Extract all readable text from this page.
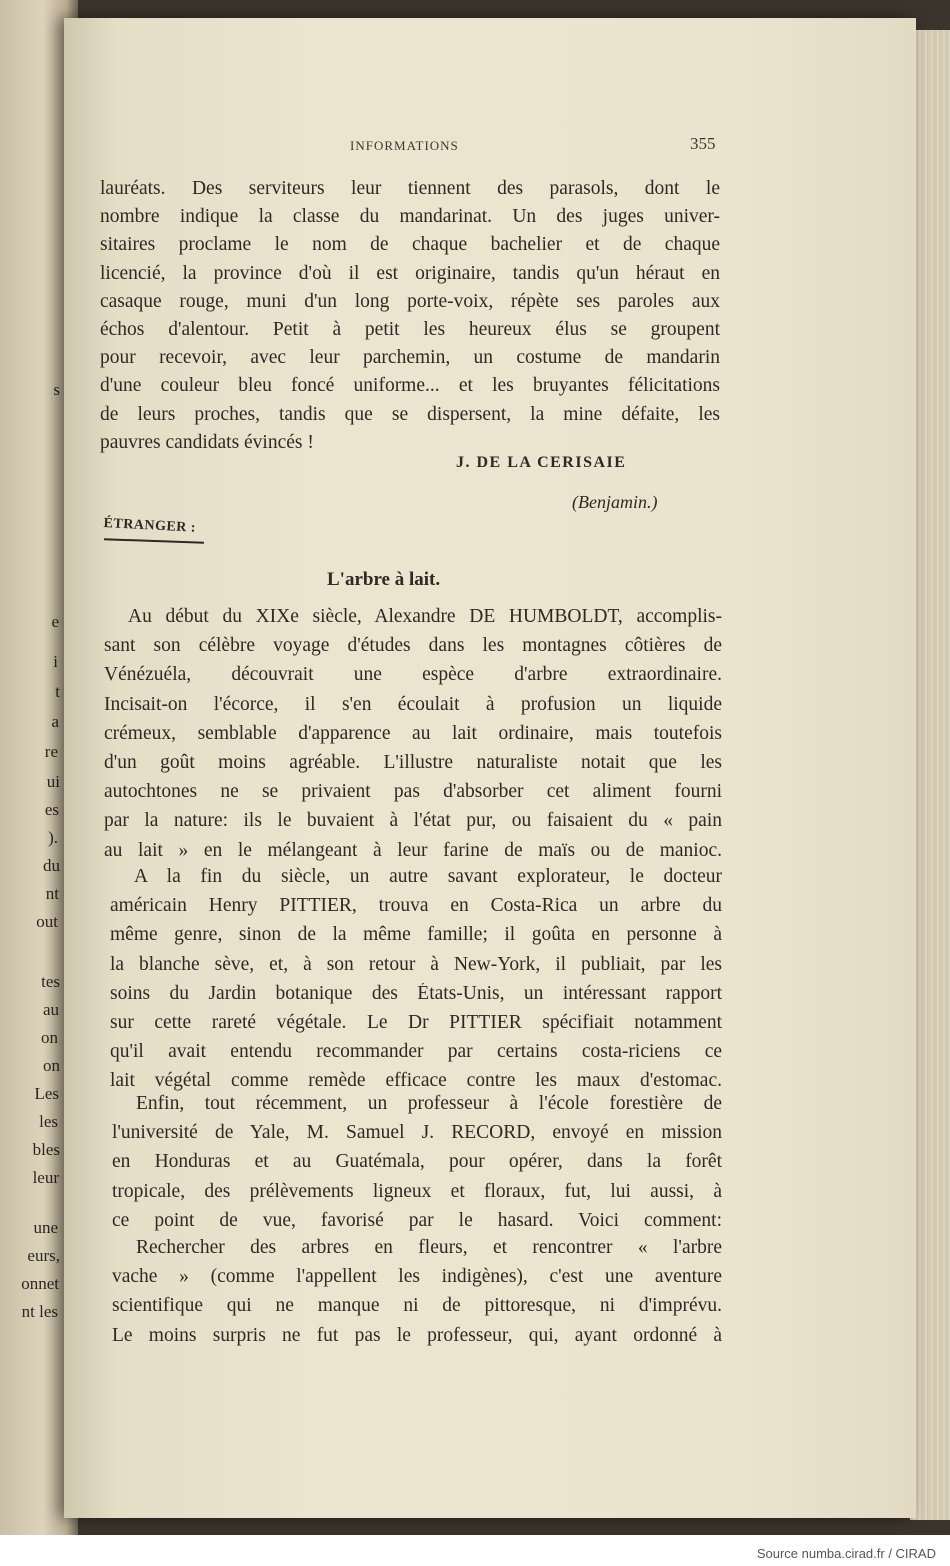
s
e
i
t
a
re
ui
es
).
du
nt
out
tes
au
on
on
Les
les
bles
leur
une
eurs,
onnet
nt les
INFORMATIONS	355
lauréats. Des serviteurs leur tiennent des parasols, dont le
nombre indique la classe du mandarinat. Un des juges univer-
sitaires proclame le nom de chaque bachelier et de chaque
licencié, la province d'où il est originaire, tandis qu'un héraut en
casaque rouge, muni d'un long porte-voix, répète ses paroles aux
échos d'alentour. Petit à petit les heureux élus se groupent
pour recevoir, avec leur parchemin, un costume de mandarin
d'une couleur bleu foncé uniforme... et les bruyantes félicitations
de leurs proches, tandis que se dispersent, la mine défaite, les
pauvres candidats évincés !
Au début du XIXe siècle, Alexandre DE HUMBOLDT, accomplis-
sant son célèbre voyage d'études dans les montagnes côtières de
Vénézuéla, découvrait une espèce d'arbre extraordinaire.
Incisait-on l'écorce, il s'en écoulait à profusion un liquide
crémeux, semblable d'apparence au lait ordinaire, mais toutefois
d'un goût moins agréable. L'illustre naturaliste notait que les
autochtones ne se privaient pas d'absorber cet aliment fourni
par la nature: ils le buvaient à l'état pur, ou faisaient du « pain
au lait » en le mélangeant à leur farine de maïs ou de manioc.
A la fin du siècle, un autre savant explorateur, le docteur
américain Henry PITTIER, trouva en Costa-Rica un arbre du
même genre, sinon de la même famille; il goûta en personne à
la blanche sève, et, à son retour à New-York, il publiait, par les
soins du Jardin botanique des États-Unis, un intéressant rapport
sur cette rareté végétale. Le Dr PITTIER spécifiait notamment
qu'il avait entendu recommander par certains costa-riciens ce
lait végétal comme remède efficace contre les maux d'estomac.
Enfin, tout récemment, un professeur à l'école forestière de
l'université de Yale, M. Samuel J. RECORD, envoyé en mission
en Honduras et au Guatémala, pour opérer, dans la forêt
tropicale, des prélèvements ligneux et floraux, fut, lui aussi, à
ce point de vue, favorisé par le hasard. Voici comment:
Rechercher des arbres en fleurs, et rencontrer « l'arbre
vache » (comme l'appellent les indigènes), c'est une aventure
scientifique qui ne manque ni de pittoresque, ni d'imprévu.
Le moins surpris ne fut pas le professeur, qui, ayant ordonné à
J. DE LA CERISAIE
(Benjamin.)
ÉTRANGER :
L'arbre à lait.
Source numba.cirad.fr / CIRAD
